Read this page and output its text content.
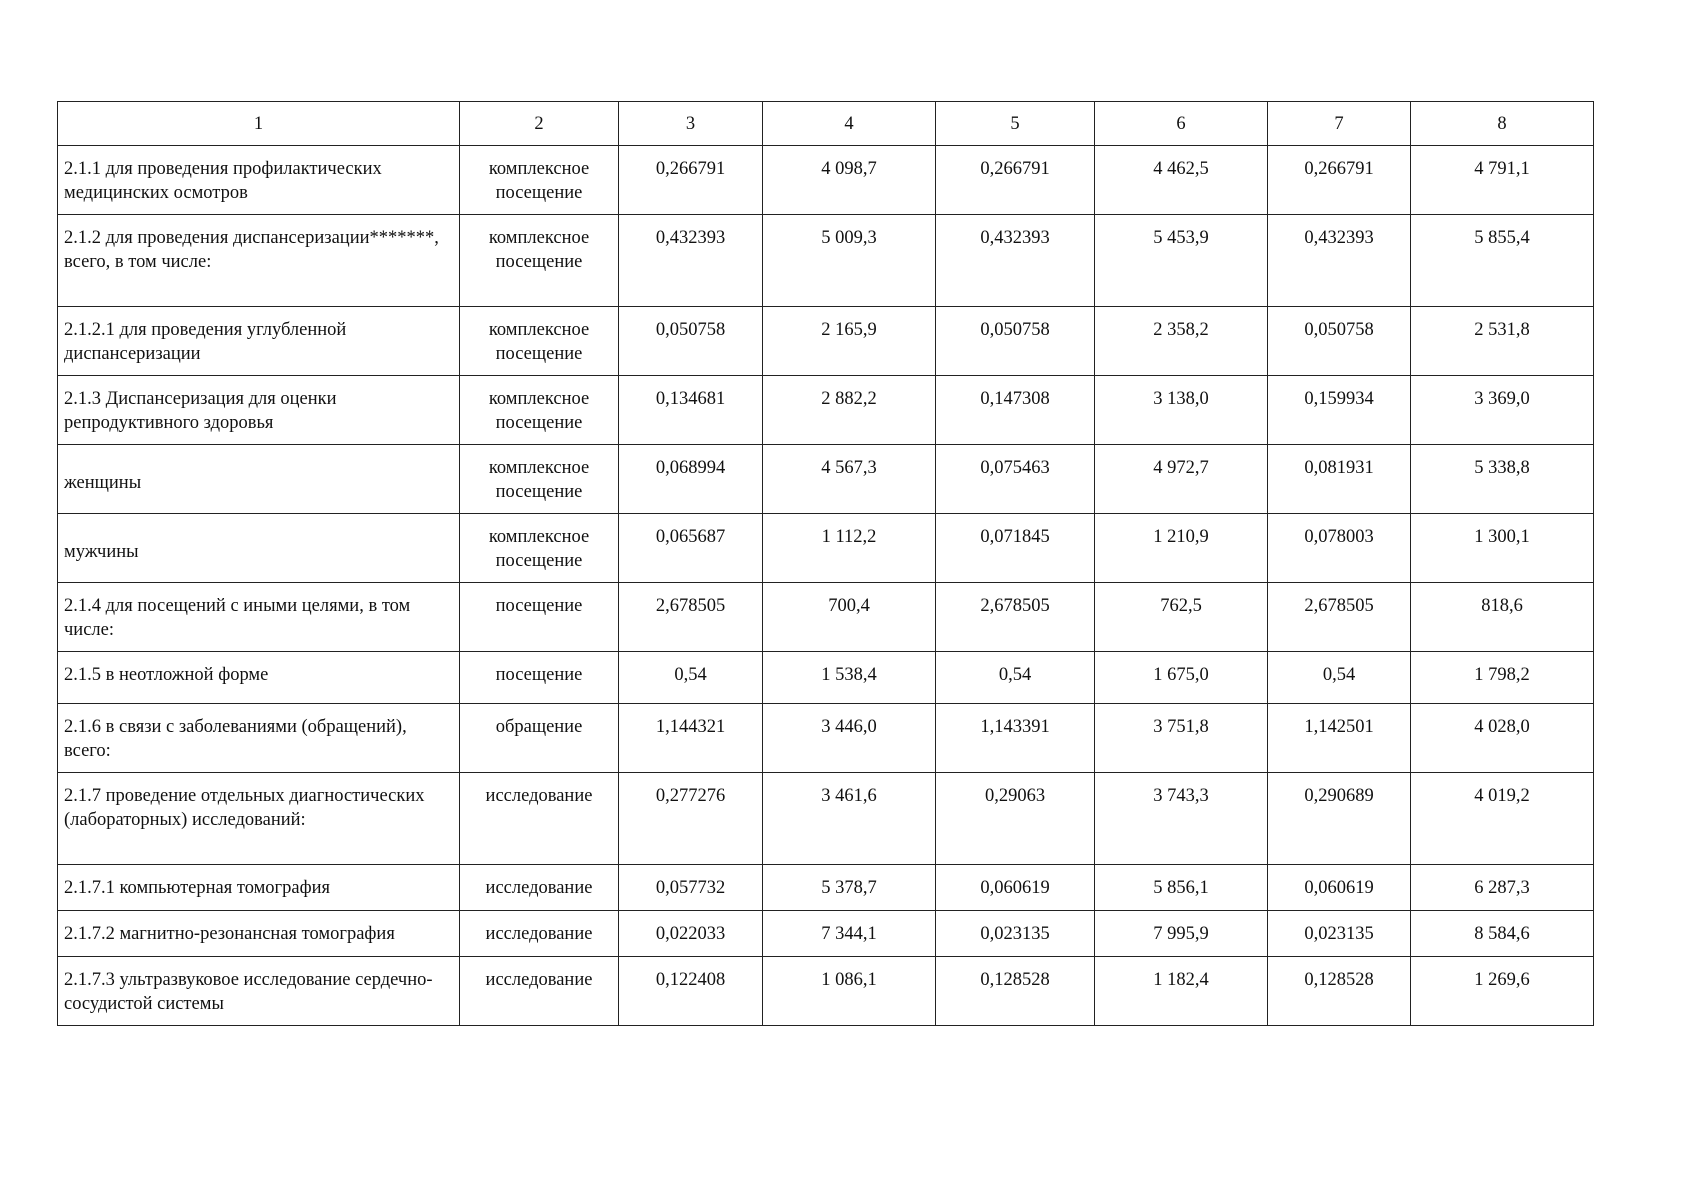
1	2	3	4	5	6	7	8
2.1.1 для проведения профилактических медицинских осмотров	комплексное посещение	0,266791	4 098,7	0,266791	4 462,5	0,266791	4 791,1
2.1.2 для проведения диспансеризации*******, всего, в том числе:	комплексное посещение	0,432393	5 009,3	0,432393	5 453,9	0,432393	5 855,4
2.1.2.1 для проведения углубленной диспансеризации	комплексное посещение	0,050758	2 165,9	0,050758	2 358,2	0,050758	2 531,8
2.1.3 Диспансеризация для оценки репродуктивного здоровья	комплексное посещение	0,134681	2 882,2	0,147308	3 138,0	0,159934	3 369,0
женщины	комплексное посещение	0,068994	4 567,3	0,075463	4 972,7	0,081931	5 338,8
мужчины	комплексное посещение	0,065687	1 112,2	0,071845	1 210,9	0,078003	1 300,1
2.1.4 для посещений с иными целями, в том числе:	посещение	2,678505	700,4	2,678505	762,5	2,678505	818,6
2.1.5 в неотложной форме	посещение	0,54	1 538,4	0,54	1 675,0	0,54	1 798,2
2.1.6 в связи с заболеваниями (обращений), всего:	обращение	1,144321	3 446,0	1,143391	3 751,8	1,142501	4 028,0
2.1.7 проведение отдельных диагностических (лабораторных) исследований:	исследование	0,277276	3 461,6	0,29063	3 743,3	0,290689	4 019,2
2.1.7.1 компьютерная томография	исследование	0,057732	5 378,7	0,060619	5 856,1	0,060619	6 287,3
2.1.7.2 магнитно-резонансная томография	исследование	0,022033	7 344,1	0,023135	7 995,9	0,023135	8 584,6
2.1.7.3 ультразвуковое исследование сердечно-сосудистой системы	исследование	0,122408	1 086,1	0,128528	1 182,4	0,128528	1 269,6
